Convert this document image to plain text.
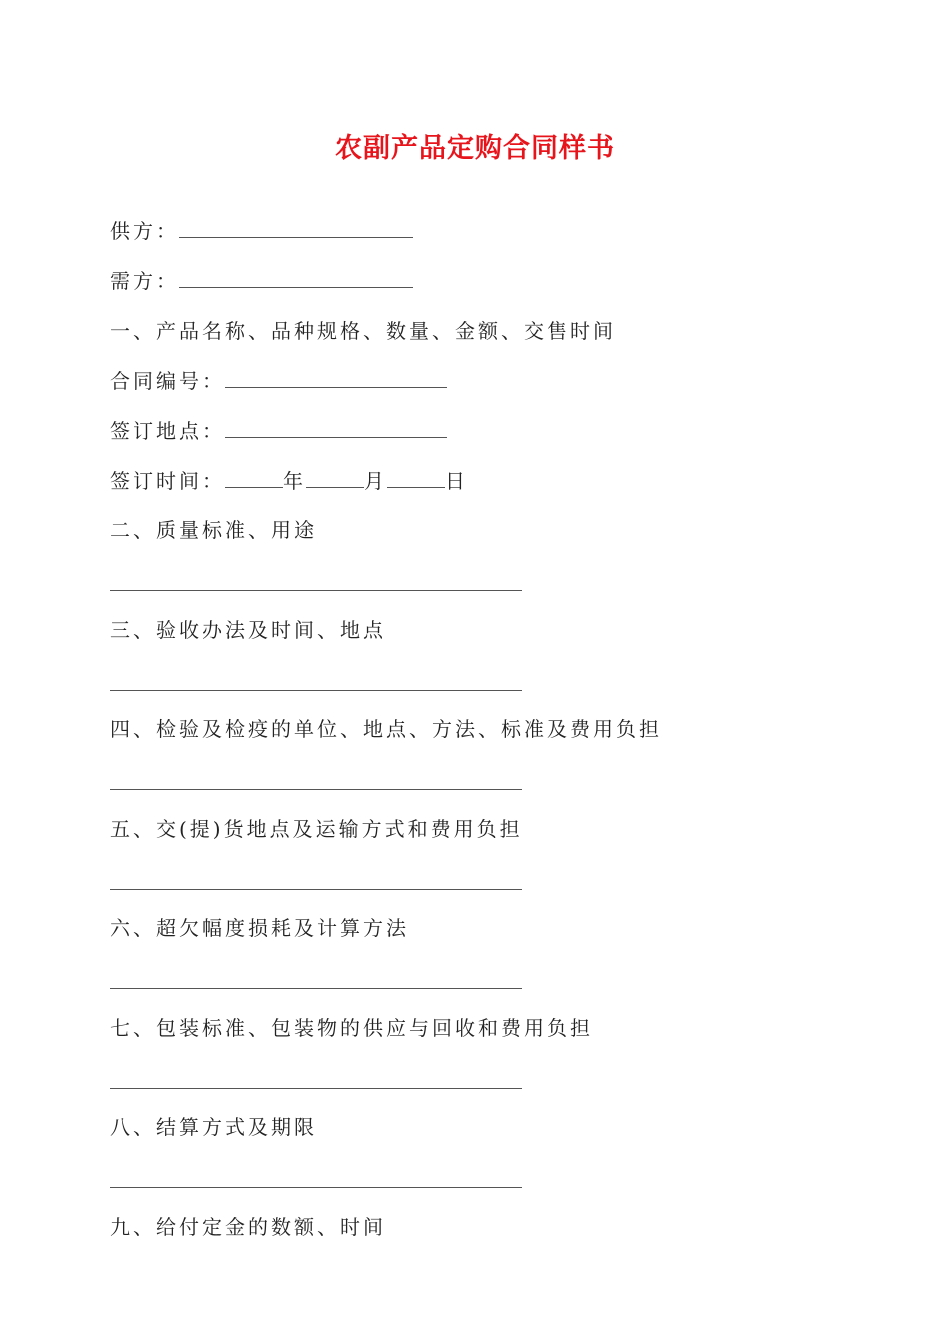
农副产品定购合同样书
供方：
需方：
一、产品名称、品种规格、数量、金额、交售时间
合同编号：
签订地点：
签订时间：	年	月	日
二、质量标准、用途
三、验收办法及时间、地点
四、检验及检疫的单位、地点、方法、标准及费用负担
五、交(提)货地点及运输方式和费用负担
六、超欠幅度损耗及计算方法
七、包装标准、包装物的供应与回收和费用负担
八、结算方式及期限
九、给付定金的数额、时间
